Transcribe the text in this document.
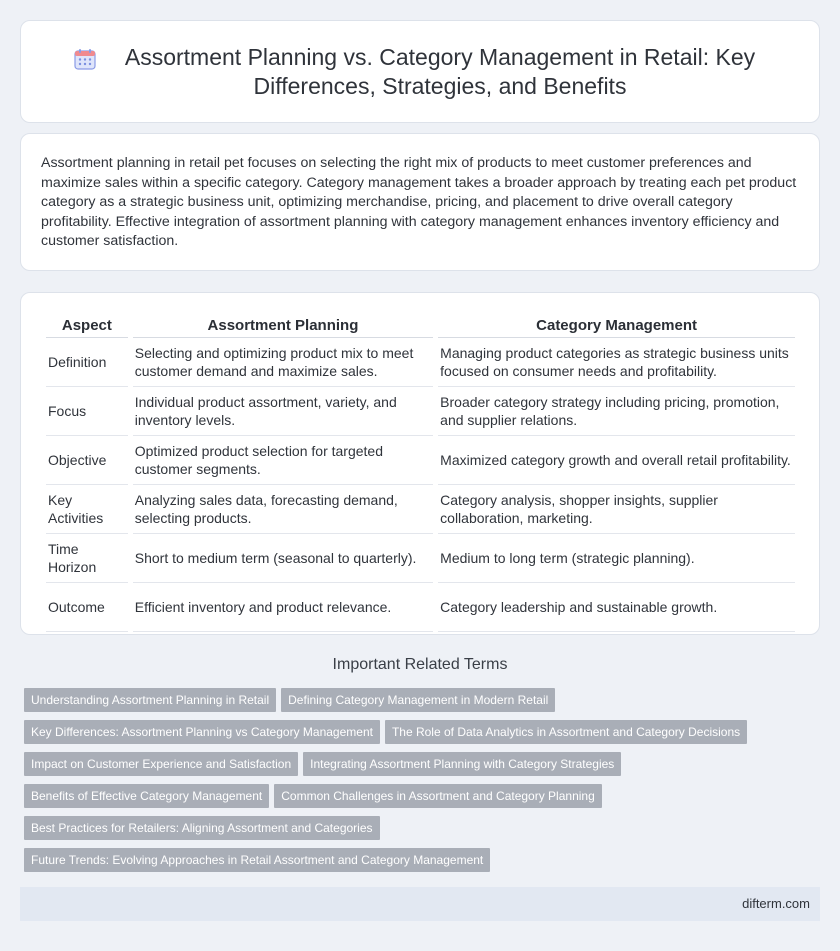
Assortment Planning vs. Category Management in Retail: Key Differences, Strategies, and Benefits

Assortment planning in retail pet focuses on selecting the right mix of products to meet customer preferences and maximize sales within a specific category. Category management takes a broader approach by treating each pet product category as a strategic business unit, optimizing merchandise, pricing, and placement to drive overall category profitability. Effective integration of assortment planning with category management enhances inventory efficiency and customer satisfaction.

Aspect	Assortment Planning	Category Management
Definition	Selecting and optimizing product mix to meet customer demand and maximize sales.	Managing product categories as strategic business units focused on consumer needs and profitability.
Focus	Individual product assortment, variety, and inventory levels.	Broader category strategy including pricing, promotion, and supplier relations.
Objective	Optimized product selection for targeted customer segments.	Maximized category growth and overall retail profitability.
Key Activities	Analyzing sales data, forecasting demand, selecting products.	Category analysis, shopper insights, supplier collaboration, marketing.
Time Horizon	Short to medium term (seasonal to quarterly).	Medium to long term (strategic planning).
Outcome	Efficient inventory and product relevance.	Category leadership and sustainable growth.
Important Related Terms
Understanding Assortment Planning in Retail Defining Category Management in Modern Retail
Key Differences: Assortment Planning vs Category Management The Role of Data Analytics in Assortment and Category Decisions
Impact on Customer Experience and Satisfaction Integrating Assortment Planning with Category Strategies
Benefits of Effective Category Management Common Challenges in Assortment and Category Planning
Best Practices for Retailers: Aligning Assortment and Categories
Future Trends: Evolving Approaches in Retail Assortment and Category Management
difterm.com
